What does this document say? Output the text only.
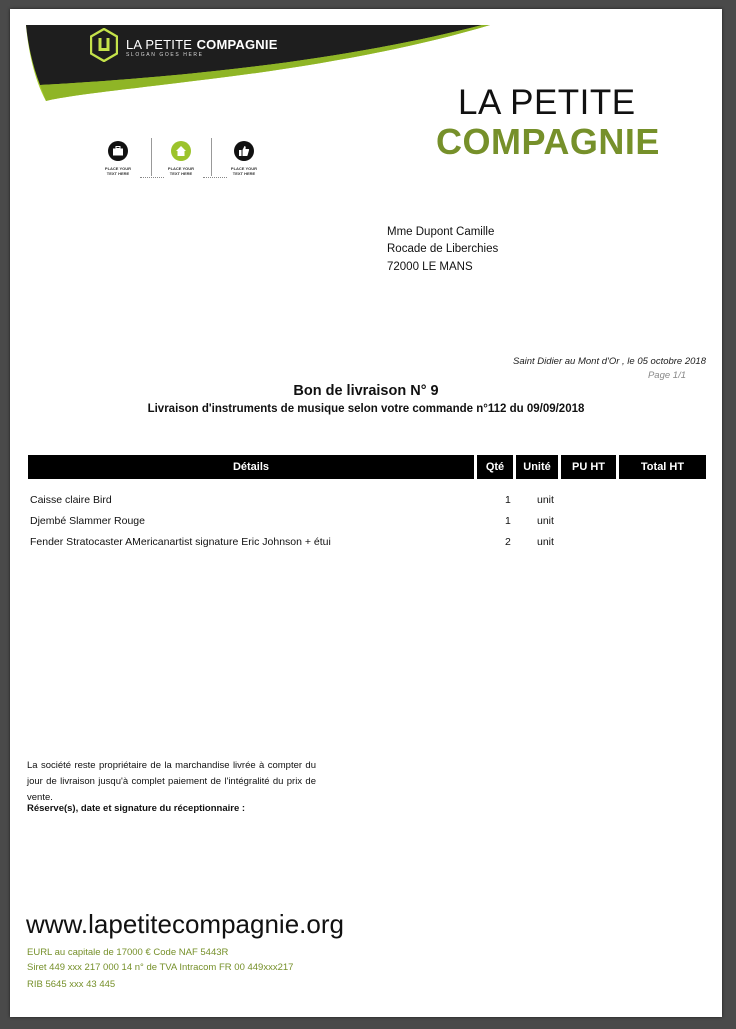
LA PETITE COMPAGNIE
SLOGAN GOES HERE
PLACE YOUR
TEXT HERE
PLACE YOUR
TEXT HERE
PLACE YOUR
TEXT HERE
LA PETITE
COMPAGNIE
Mme Dupont Camille
Rocade de Liberchies
72000 LE MANS
Saint Didier au Mont d'Or , le 05 octobre 2018
Page 1/1
Bon de livraison N° 9
Livraison d'instruments de musique selon votre commande n°112 du 09/09/2018
Détails	Qté	Unité	PU HT	Total HT
Caisse claire Bird	1 unit
Djembé Slammer Rouge	1 unit
Fender Stratocaster AMericanartist signature Eric Johnson + étui	2 unit
La société reste propriétaire de la marchandise livrée à compter du jour de livraison jusqu'à complet paiement de l'intégralité du prix de vente.
Réserve(s), date et signature du réceptionnaire :
www.lapetitecompagnie.org
EURL au capitale de 17000 € Code NAF 5443R
Siret 449 xxx 217 000 14 n° de TVA Intracom FR 00 449xxx217
RIB 5645 xxx 43 445
